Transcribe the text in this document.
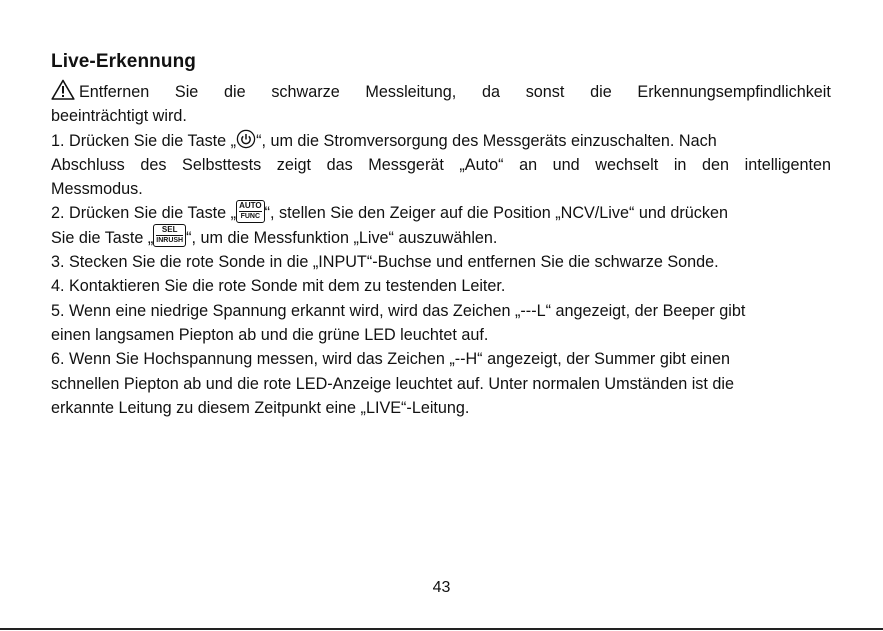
Live-Erkennung
Entfernen Sie die schwarze Messleitung, da sonst die Erkennungsempfindlichkeit
beeinträchtigt wird.
1. Drücken Sie die Taste „ “, um die Stromversorgung des Messgeräts einzuschalten. Nach
Abschluss des Selbsttests zeigt das Messgerät „Auto“ an und wechselt in den intelligenten
Messmodus.
2. Drücken Sie die Taste „ AUTO
FUNC “, stellen Sie den Zeiger auf die Position „NCV/Live“ und drücken
Sie die Taste „	SEL
INRUSH “, um die Messfunktion „Live“ auszuwählen.
3. Stecken Sie die rote Sonde in die „INPUT“-Buchse und entfernen Sie die schwarze Sonde.
4. Kontaktieren Sie die rote Sonde mit dem zu testenden Leiter.
5. Wenn eine niedrige Spannung erkannt wird, wird das Zeichen „---L“ angezeigt, der Beeper gibt
einen langsamen Piepton ab und die grüne LED leuchtet auf.
6. Wenn Sie Hochspannung messen, wird das Zeichen „--H“ angezeigt, der Summer gibt einen
schnellen Piepton ab und die rote LED-Anzeige leuchtet auf. Unter normalen Umständen ist die
erkannte Leitung zu diesem Zeitpunkt eine „LIVE“-Leitung.
43
